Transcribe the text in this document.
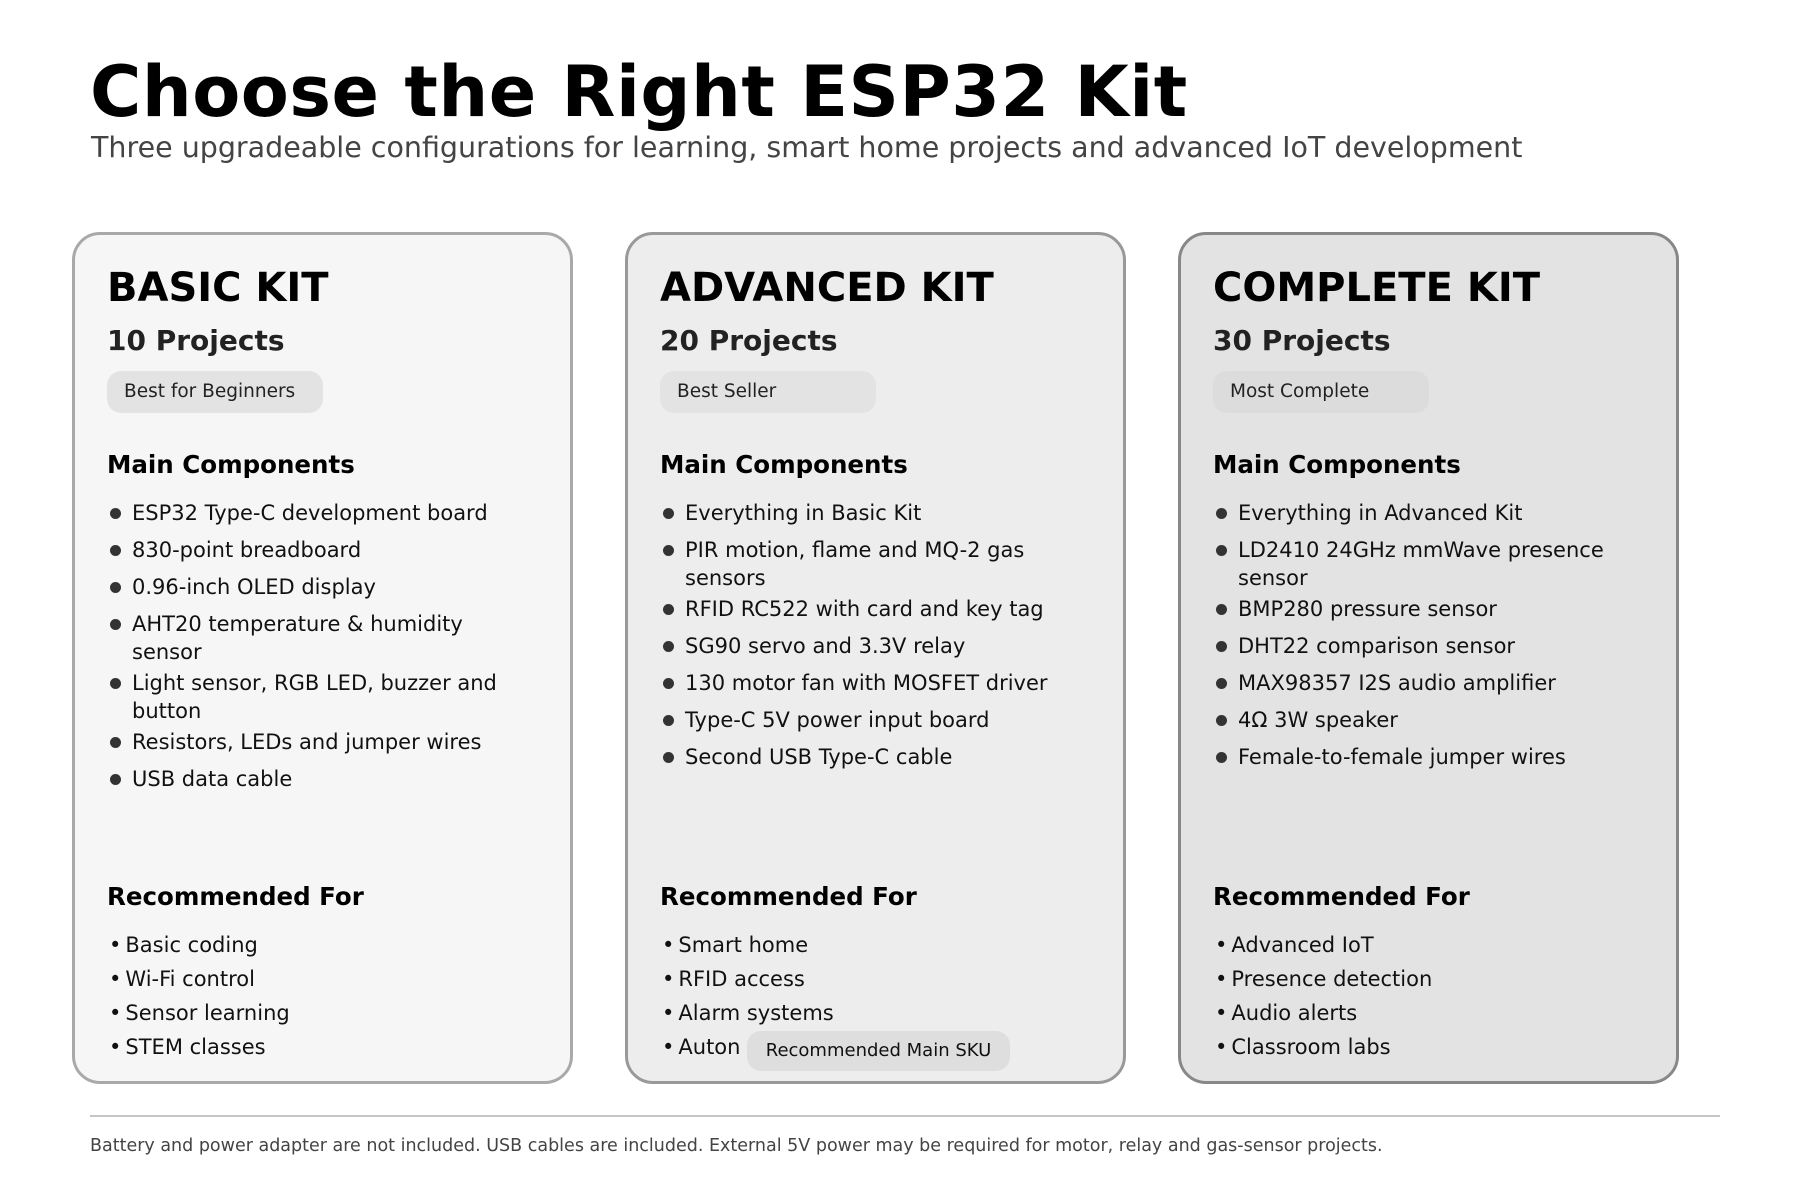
Choose the Right ESP32 Kit
Three upgradeable configurations for learning, smart home projects and advanced IoT development
BASIC KIT
10 Projects
Best for Beginners
Main Components
ESP32 Type-C development board
830-point breadboard
0.96-inch OLED display
AHT20 temperature & humidity sensor
Light sensor, RGB LED, buzzer and button
Resistors, LEDs and jumper wires
USB data cable
Recommended For
• Basic coding
• Wi-Fi control
• Sensor learning
• STEM classes
ADVANCED KIT
20 Projects
Best Seller
Main Components
Everything in Basic Kit
PIR motion, flame and MQ-2 gas sensors
RFID RC522 with card and key tag
SG90 servo and 3.3V relay
130 motor fan with MOSFET driver
Type-C 5V power input board
Second USB Type-C cable
Recommended For
• Smart home
• RFID access
• Alarm systems
• Auton	Recommended Main SKU
COMPLETE KIT
30 Projects
Most Complete
Main Components
Everything in Advanced Kit
LD2410 24GHz mmWave presence sensor
BMP280 pressure sensor
DHT22 comparison sensor
MAX98357 I2S audio amplifier
4Ω 3W speaker
Female-to-female jumper wires
Recommended For
• Advanced IoT
• Presence detection
• Audio alerts
• Classroom labs
Battery and power adapter are not included. USB cables are included. External 5V power may be required for motor, relay and gas-sensor projects.
